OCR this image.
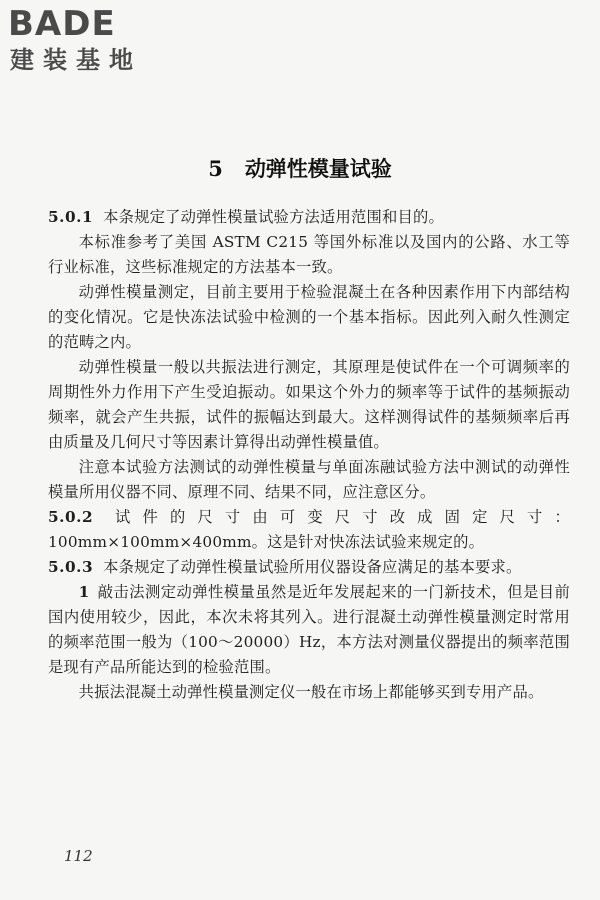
BADE
建装基地
5 动弹性模量试验

5.0.1 本条规定了动弹性模量试验方法适用范围和目的。

本标准参考了美国 ASTM C215 等国外标准以及国内的公路、水工等行业标准，这些标准规定的方法基本一致。

动弹性模量测定，目前主要用于检验混凝土在各种因素作用下内部结构的变化情况。它是快冻法试验中检测的一个基本指标。因此列入耐久性测定的范畴之内。

动弹性模量一般以共振法进行测定，其原理是使试件在一个可调频率的周期性外力作用下产生受迫振动。如果这个外力的频率等于试件的基频振动频率，就会产生共振，试件的振幅达到最大。这样测得试件的基频频率后再由质量及几何尺寸等因素计算得出动弹性模量值。

注意本试验方法测试的动弹性模量与单面冻融试验方法中测试的动弹性模量所用仪器不同、原理不同、结果不同，应注意区分。

5.0.2 试件的尺寸由可变尺寸改成固定尺寸：100mm×100mm×400mm。这是针对快冻法试验来规定的。

5.0.3 本条规定了动弹性模量试验所用仪器设备应满足的基本要求。

1 敲击法测定动弹性模量虽然是近年发展起来的一门新技术，但是目前国内使用较少，因此，本次未将其列入。进行混凝土动弹性模量测定时常用的频率范围一般为（100～20000）Hz，本方法对测量仪器提出的频率范围是现有产品所能达到的检验范围。

共振法混凝土动弹性模量测定仪一般在市场上都能够买到专用产品。

112
